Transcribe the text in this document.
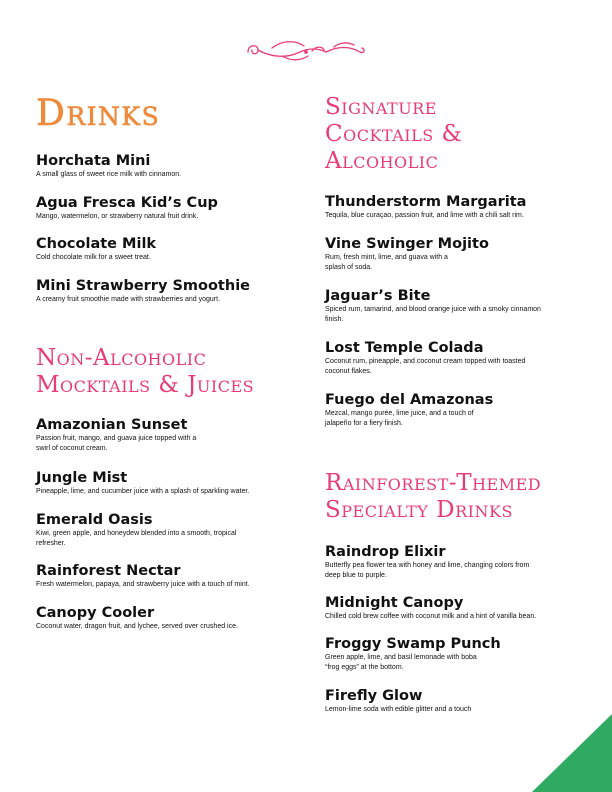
Drinks
Horchata Mini
A small glass of sweet rice milk with cinnamon.
Agua Fresca Kid’s Cup
Mango, watermelon, or strawberry natural fruit drink.
Chocolate Milk
Cold chocolate milk for a sweet treat.
Mini Strawberry Smoothie
A creamy fruit smoothie made with strawberries and yogurt.
Non-Alcoholic
Mocktails & Juices
Amazonian Sunset
Passion fruit, mango, and guava juice topped with a
swirl of coconut cream.
Jungle Mist
Pineapple, lime, and cucumber juice with a splash of sparkling water.
Emerald Oasis
Kiwi, green apple, and honeydew blended into a smooth, tropical
refresher.
Rainforest Nectar
Fresh watermelon, papaya, and strawberry juice with a touch of mint.
Canopy Cooler
Coconut water, dragon fruit, and lychee, served over crushed ice.
Signature
Cocktails &
Alcoholic
Thunderstorm Margarita
Tequila, blue curaçao, passion fruit, and lime with a chili salt rim.
Vine Swinger Mojito
Rum, fresh mint, lime, and guava with a
splash of soda.
Jaguar’s Bite
Spiced rum, tamarind, and blood orange juice with a smoky cinnamon
finish.
Lost Temple Colada
Coconut rum, pineapple, and coconut cream topped with toasted
coconut flakes.
Fuego del Amazonas
Mezcal, mango purée, lime juice, and a touch of
jalapeño for a fiery finish.
Rainforest-Themed
Specialty Drinks
Raindrop Elixir
Butterfly pea flower tea with honey and lime, changing colors from
deep blue to purple.
Midnight Canopy
Chilled cold brew coffee with coconut milk and a hint of vanilla bean.
Froggy Swamp Punch
Green apple, lime, and basil lemonade with boba
“frog eggs” at the bottom.
Firefly Glow
Lemon-lime soda with edible glitter and a touch
